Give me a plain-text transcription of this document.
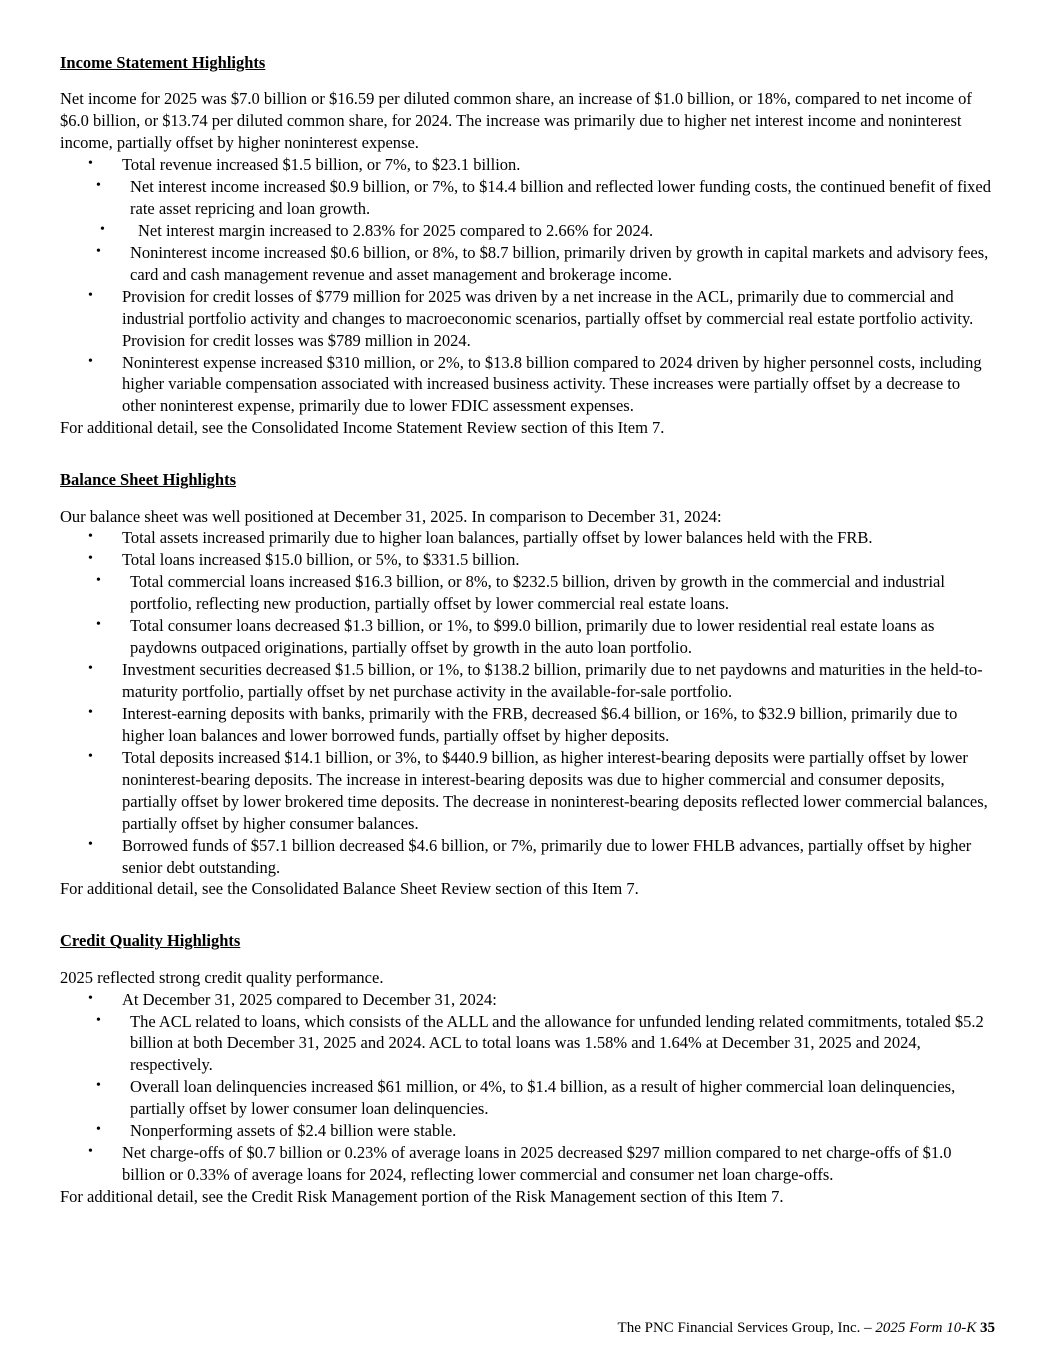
Income Statement Highlights

Net income for 2025 was $7.0 billion or $16.59 per diluted common share, an increase of $1.0 billion, or 18%, compared to net income of $6.0 billion, or $13.74 per diluted common share, for 2024. The increase was primarily due to higher net interest income and noninterest income, partially offset by higher noninterest expense.

• Total revenue increased $1.5 billion, or 7%, to $23.1 billion.
• Net interest income increased $0.9 billion, or 7%, to $14.4 billion and reflected lower funding costs, the continued benefit of fixed rate asset repricing and loan growth.
• Net interest margin increased to 2.83% for 2025 compared to 2.66% for 2024.
• Noninterest income increased $0.6 billion, or 8%, to $8.7 billion, primarily driven by growth in capital markets and advisory fees, card and cash management revenue and asset management and brokerage income.
• Provision for credit losses of $779 million for 2025 was driven by a net increase in the ACL, primarily due to commercial and industrial portfolio activity and changes to macroeconomic scenarios, partially offset by commercial real estate portfolio activity. Provision for credit losses was $789 million in 2024.
• Noninterest expense increased $310 million, or 2%, to $13.8 billion compared to 2024 driven by higher personnel costs, including higher variable compensation associated with increased business activity. These increases were partially offset by a decrease to other noninterest expense, primarily due to lower FDIC assessment expenses.

For additional detail, see the Consolidated Income Statement Review section of this Item 7.

Balance Sheet Highlights

Our balance sheet was well positioned at December 31, 2025. In comparison to December 31, 2024:

• Total assets increased primarily due to higher loan balances, partially offset by lower balances held with the FRB.
• Total loans increased $15.0 billion, or 5%, to $331.5 billion.
• Total commercial loans increased $16.3 billion, or 8%, to $232.5 billion, driven by growth in the commercial and industrial portfolio, reflecting new production, partially offset by lower commercial real estate loans.
• Total consumer loans decreased $1.3 billion, or 1%, to $99.0 billion, primarily due to lower residential real estate loans as paydowns outpaced originations, partially offset by growth in the auto loan portfolio.
• Investment securities decreased $1.5 billion, or 1%, to $138.2 billion, primarily due to net paydowns and maturities in the held-to-maturity portfolio, partially offset by net purchase activity in the available-for-sale portfolio.
• Interest-earning deposits with banks, primarily with the FRB, decreased $6.4 billion, or 16%, to $32.9 billion, primarily due to higher loan balances and lower borrowed funds, partially offset by higher deposits.
• Total deposits increased $14.1 billion, or 3%, to $440.9 billion, as higher interest-bearing deposits were partially offset by lower noninterest-bearing deposits. The increase in interest-bearing deposits was due to higher commercial and consumer deposits, partially offset by lower brokered time deposits. The decrease in noninterest-bearing deposits reflected lower commercial balances, partially offset by higher consumer balances.
• Borrowed funds of $57.1 billion decreased $4.6 billion, or 7%, primarily due to lower FHLB advances, partially offset by higher senior debt outstanding.

For additional detail, see the Consolidated Balance Sheet Review section of this Item 7.

Credit Quality Highlights

2025 reflected strong credit quality performance.

• At December 31, 2025 compared to December 31, 2024:
• The ACL related to loans, which consists of the ALLL and the allowance for unfunded lending related commitments, totaled $5.2 billion at both December 31, 2025 and 2024. ACL to total loans was 1.58% and 1.64% at December 31, 2025 and 2024, respectively.
• Overall loan delinquencies increased $61 million, or 4%, to $1.4 billion, as a result of higher commercial loan delinquencies, partially offset by lower consumer loan delinquencies.
• Nonperforming assets of $2.4 billion were stable.
• Net charge-offs of $0.7 billion or 0.23% of average loans in 2025 decreased $297 million compared to net charge-offs of $1.0 billion or 0.33% of average loans for 2024, reflecting lower commercial and consumer net loan charge-offs.

For additional detail, see the Credit Risk Management portion of the Risk Management section of this Item 7.

The PNC Financial Services Group, Inc. – 2025 Form 10-K 35
